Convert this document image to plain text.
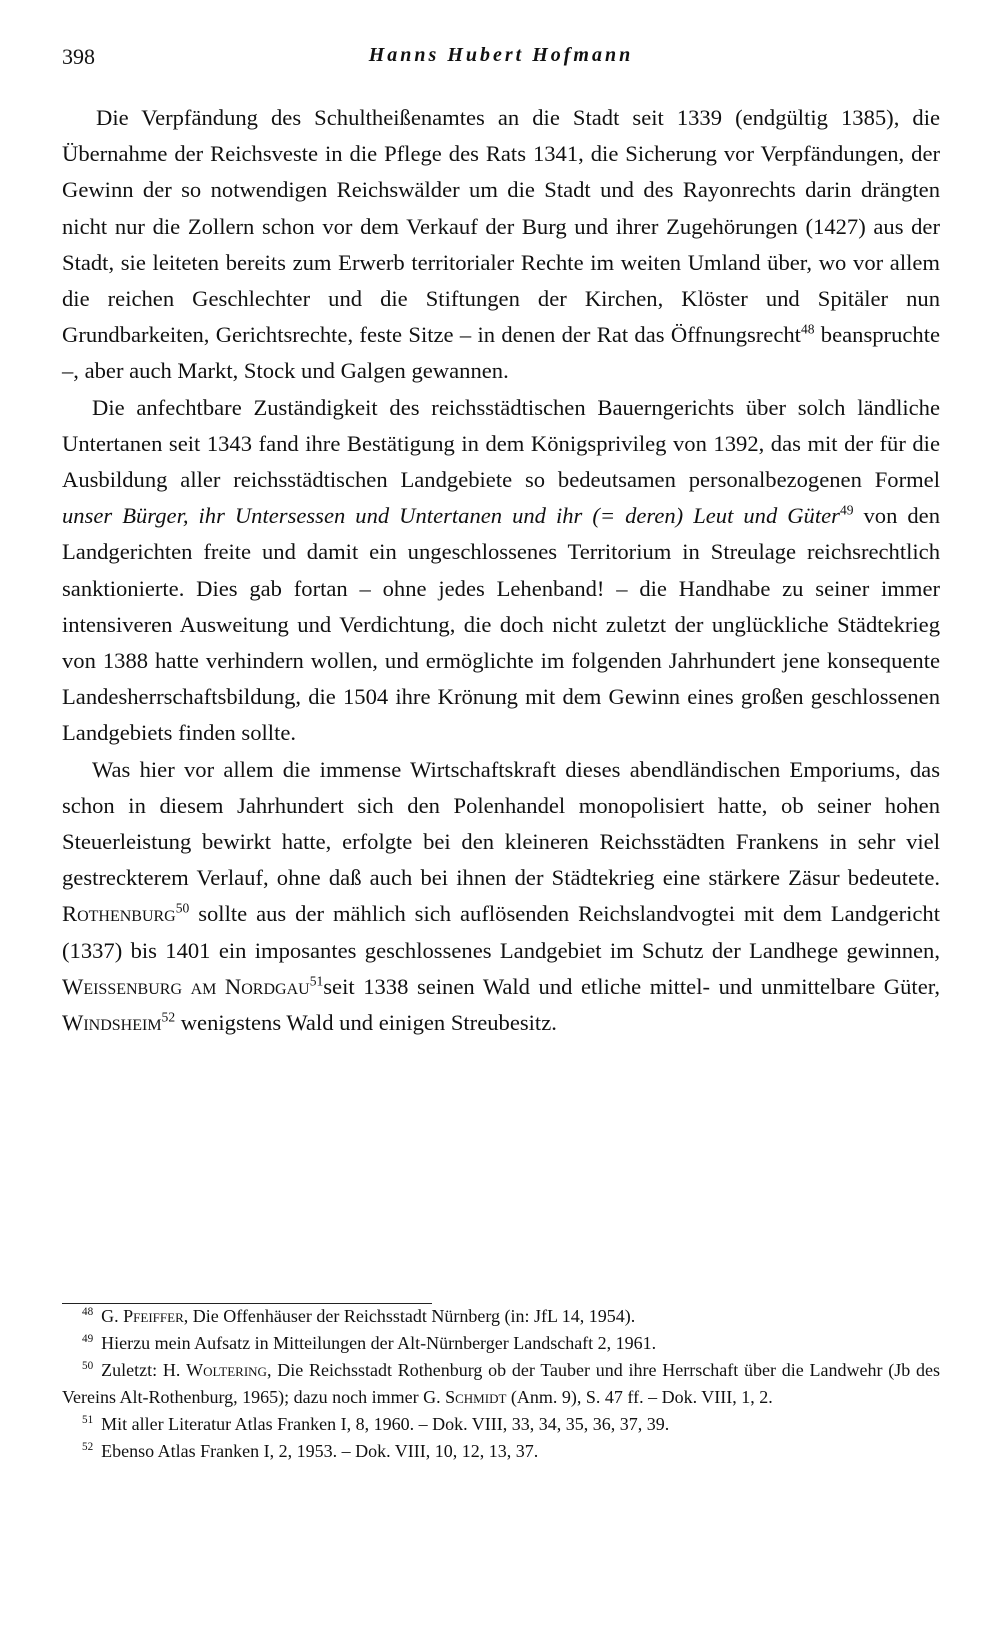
398	Hanns Hubert Hofmann

Die Verpfändung des Schultheißenamtes an die Stadt seit 1339 (endgültig 1385), die Übernahme der Reichsveste in die Pflege des Rats 1341, die Sicherung vor Verpfändungen, der Gewinn der so notwendigen Reichswälder um die Stadt und des Rayonrechts darin drängten nicht nur die Zollern schon vor dem Verkauf der Burg und ihrer Zugehörungen (1427) aus der Stadt, sie leiteten bereits zum Erwerb territorialer Rechte im weiten Umland über, wo vor allem die reichen Geschlechter und die Stiftungen der Kirchen, Klöster und Spitäler nun Grundbarkeiten, Gerichtsrechte, feste Sitze – in denen der Rat das Öffnungsrecht$^{48}$ beanspruchte –, aber auch Markt, Stock und Galgen gewannen.

Die anfechtbare Zuständigkeit des reichsstädtischen Bauerngerichts über solch ländliche Untertanen seit 1343 fand ihre Bestätigung in dem Königsprivileg von 1392, das mit der für die Ausbildung aller reichsstädtischen Landgebiete so bedeutsamen personalbezogenen Formel unser Bürger, ihr Untersessen und Untertanen und ihr (= deren) Leut und Güter$^{49}$ von den Landgerichten freite und damit ein ungeschlossenes Territorium in Streulage reichsrechtlich sanktionierte. Dies gab fortan – ohne jedes Lehenband! – die Handhabe zu seiner immer intensiveren Ausweitung und Verdichtung, die doch nicht zuletzt der unglückliche Städtekrieg von 1388 hatte verhindern wollen, und ermöglichte im folgenden Jahrhundert jene konsequente Landesherrschaftsbildung, die 1504 ihre Krönung mit dem Gewinn eines großen geschlossenen Landgebiets finden sollte.

Was hier vor allem die immense Wirtschaftskraft dieses abendländischen Emporiums, das schon in diesem Jahrhundert sich den Polenhandel monopolisiert hatte, ob seiner hohen Steuerleistung bewirkt hatte, erfolgte bei den kleineren Reichsstädten Frankens in sehr viel gestreckterem Verlauf, ohne daß auch bei ihnen der Städtekrieg eine stärkere Zäsur bedeutete. Rothenburg$^{50}$ sollte aus der mählich sich auflösenden Reichslandvogtei mit dem Landgericht (1337) bis 1401 ein imposantes geschlossenes Landgebiet im Schutz der Landhege gewinnen, Weissenburg am Nordgau$^{51}$seit 1338 seinen Wald und etliche mittel- und unmittelbare Güter, Windsheim$^{52}$ wenigstens Wald und einigen Streubesitz.

$^{48}$ G. Pfeiffer, Die Offenhäuser der Reichsstadt Nürnberg (in: JfL 14, 1954).

$^{49}$ Hierzu mein Aufsatz in Mitteilungen der Alt-Nürnberger Landschaft 2, 1961.

$^{50}$ Zuletzt: H. Woltering, Die Reichsstadt Rothenburg ob der Tauber und ihre Herrschaft über die Landwehr (Jb des Vereins Alt-Rothenburg, 1965); dazu noch immer G. Schmidt (Anm. 9), S. 47 ff. – Dok. VIII, 1, 2.

$^{51}$ Mit aller Literatur Atlas Franken I, 8, 1960. – Dok. VIII, 33, 34, 35, 36, 37, 39.

$^{52}$ Ebenso Atlas Franken I, 2, 1953. – Dok. VIII, 10, 12, 13, 37.
